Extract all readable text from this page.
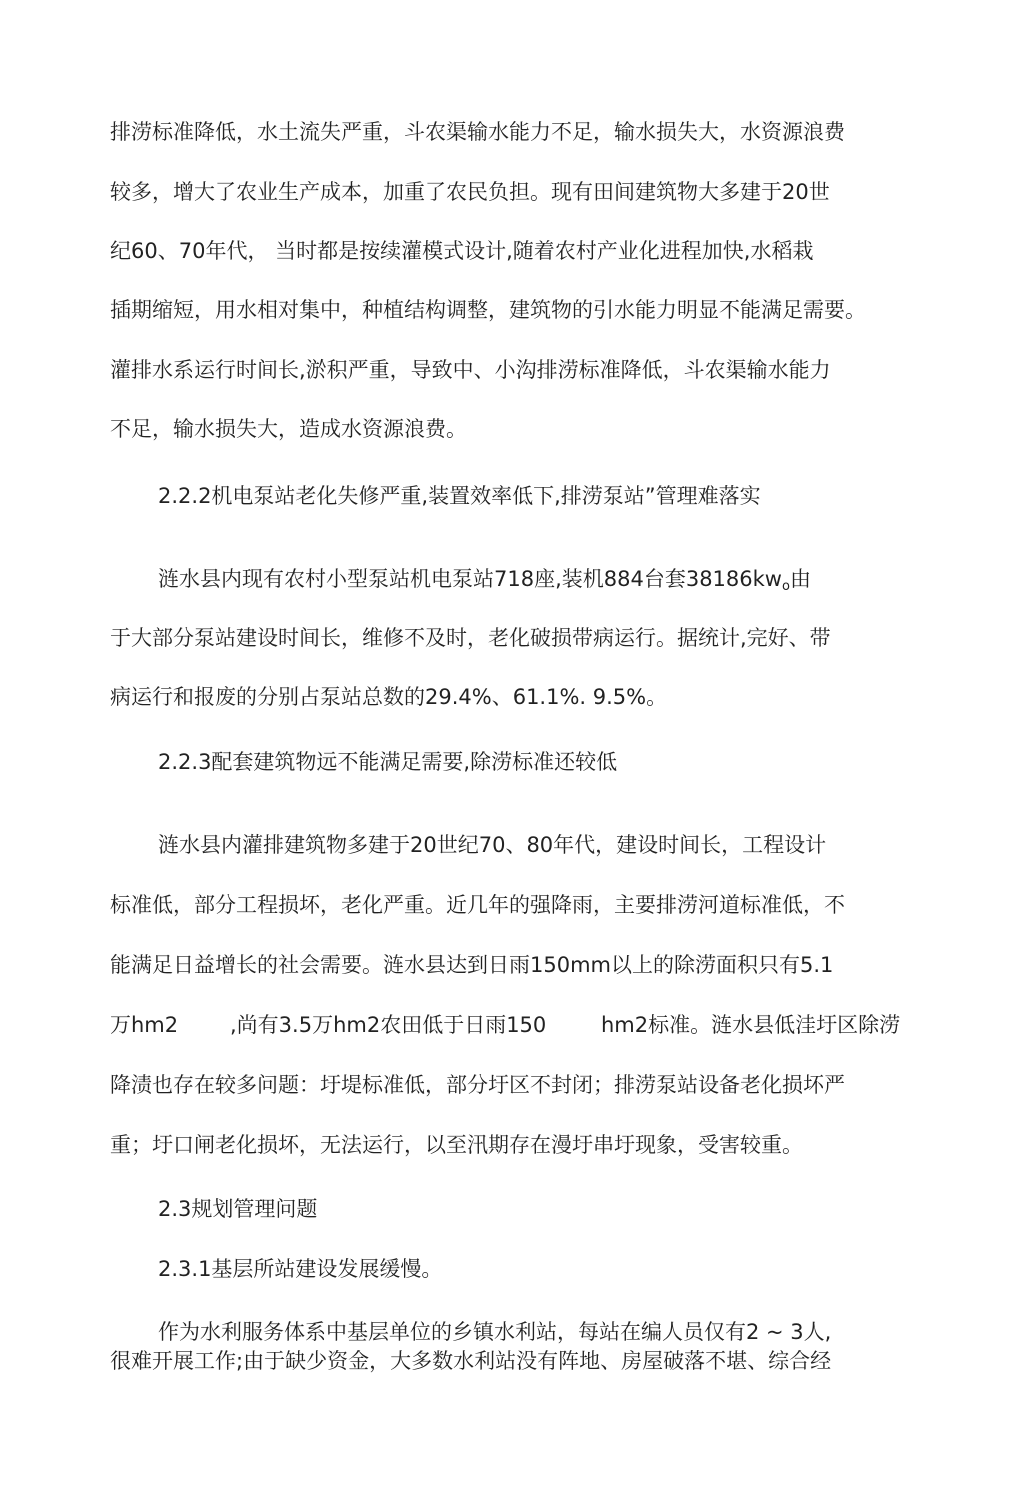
排涝标准降低，水土流失严重，斗农渠输水能力不足，输水损失大，水资源浪费
较多，增大了农业生产成本，加重了农民负担。现有田间建筑物大多建于20世
纪60、70年代， 当时都是按续灌模式设计,随着农村产业化进程加快,水稻栽
插期缩短，用水相对集中，种植结构调整，建筑物的引水能力明显不能满足需要。
灌排水系运行时间长,淤积严重，导致中、小沟排涝标准降低，斗农渠输水能力
不足，输水损失大，造成水资源浪费。
2.2.2机电泵站老化失修严重,装置效率低下,排涝泵站”管理难落实
涟水县内现有农村小型泵站机电泵站718座,装机884台套$38186kw_o$由
于大部分泵站建设时间长，维修不及时，老化破损带病运行。据统计,完好、带
病运行和报废的分别占泵站总数的29.4%、61.1%. 9.5%。
2.2.3配套建筑物远不能满足需要,除涝标准还较低
涟水县内灌排建筑物多建于20世纪70、80年代，建设时间长，工程设计
标准低，部分工程损坏，老化严重。近几年的强降雨，主要排涝河道标准低，不
能满足日益增长的社会需要。涟水县达到日雨150mm以上的除涝面积只有5.1
万hm2 ,尚有3.5万hm2农田低于日雨150	hm2标准。涟水县低洼圩区除涝
降渍也存在较多问题：圩堤标准低，部分圩区不封闭；排涝泵站设备老化损坏严
重；圩口闸老化损坏，无法运行，以至汛期存在漫圩串圩现象，受害较重。
2.3规划管理问题
2.3.1基层所站建设发展缓慢。
作为水利服务体系中基层单位的乡镇水利站，每站在编人员仅有2 ~ 3人,
很难开展工作;由于缺少资金，大多数水利站没有阵地、房屋破落不堪、综合经
